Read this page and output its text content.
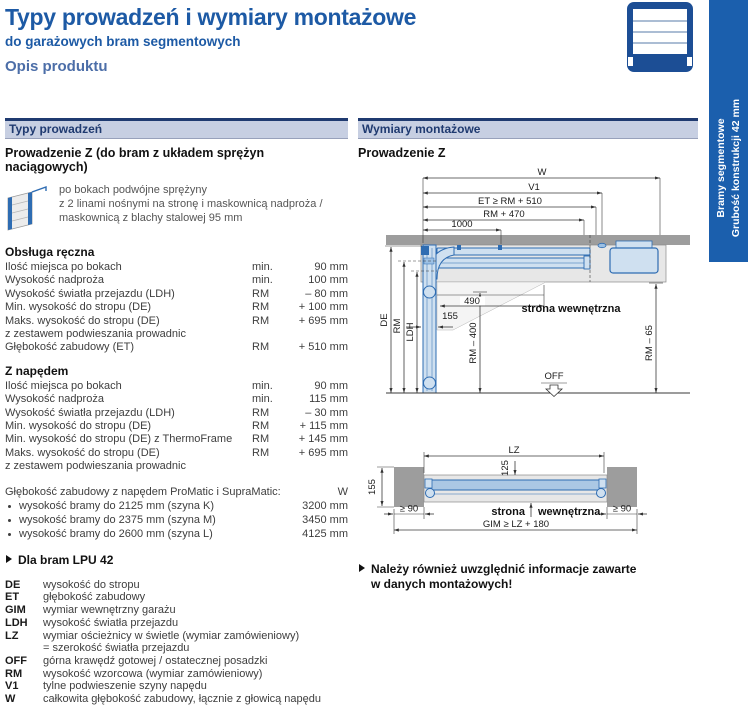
Typy prowadzeń i wymiary montażowe
do garażowych bram segmentowych
Opis produktu
Bramy segmentowe Grubość konstrukcji 42 mm
Typy prowadzeń
Prowadzenie Z (do bram z układem sprężyn naciągowych)
po bokach podwójne sprężyny
z 2 linami nośnymi na stronę i maskownicą nadproża /
maskownicą z blachy stalowej 95 mm
Obsługa ręczna
Ilość miejsca po bokach	min.	90 mm
Wysokość nadproża	min.	100 mm
Wysokość światła przejazdu (LDH)	RM	– 80 mm
Min. wysokość do stropu (DE)	RM	+ 100 mm
Maks. wysokość do stropu (DE)	RM	+ 695 mm
z zestawem podwieszania prowadnic
Głębokość zabudowy (ET)	RM	+ 510 mm
Z napędem
Ilość miejsca po bokach	min.	90 mm
Wysokość nadproża	min.	115 mm
Wysokość światła przejazdu (LDH)	RM	– 30 mm
Min. wysokość do stropu (DE)	RM	+ 115 mm
Min. wysokość do stropu (DE) z ThermoFrame	RM	+ 145 mm
Maks. wysokość do stropu (DE)	RM	+ 695 mm
z zestawem podwieszania prowadnic
Głębokość zabudowy z napędem ProMatic i SupraMatic:	W
wysokość bramy do 2125 mm (szyna K)	3200 mm
wysokość bramy do 2375 mm (szyna M)	3450 mm
wysokość bramy do 2600 mm (szyna L)	4125 mm
Dla bram LPU 42
DE	wysokość do stropu
ET	głębokość zabudowy
GIM	wymiar wewnętrzny garażu
LDH	wysokość światła przejazdu
LZ	wymiar ościeżnicy w świetle (wymiar zamówieniowy)
= szerokość światła przejazdu
OFF	górna krawędź gotowej / ostatecznej posadzki
RM	wysokość wzorcowa (wymiar zamówieniowy)
V1	tylne podwieszenie szyny napędu
W	całkowita głębokość zabudowy, łącznie z głowicą napędu
Wymiary montażowe
Prowadzenie Z
W
V1
ET ≥ RM + 510
RM + 470
1000
DE RM LDH
490
155
RM – 400	RM – 65
strona wewnętrzna
OFF
LZ
125
155
≥ 90	≥ 90
strona wewnętrzna
GIM ≥ LZ + 180
Należy również uwzględnić informacje zawarte
w danych montażowych!
